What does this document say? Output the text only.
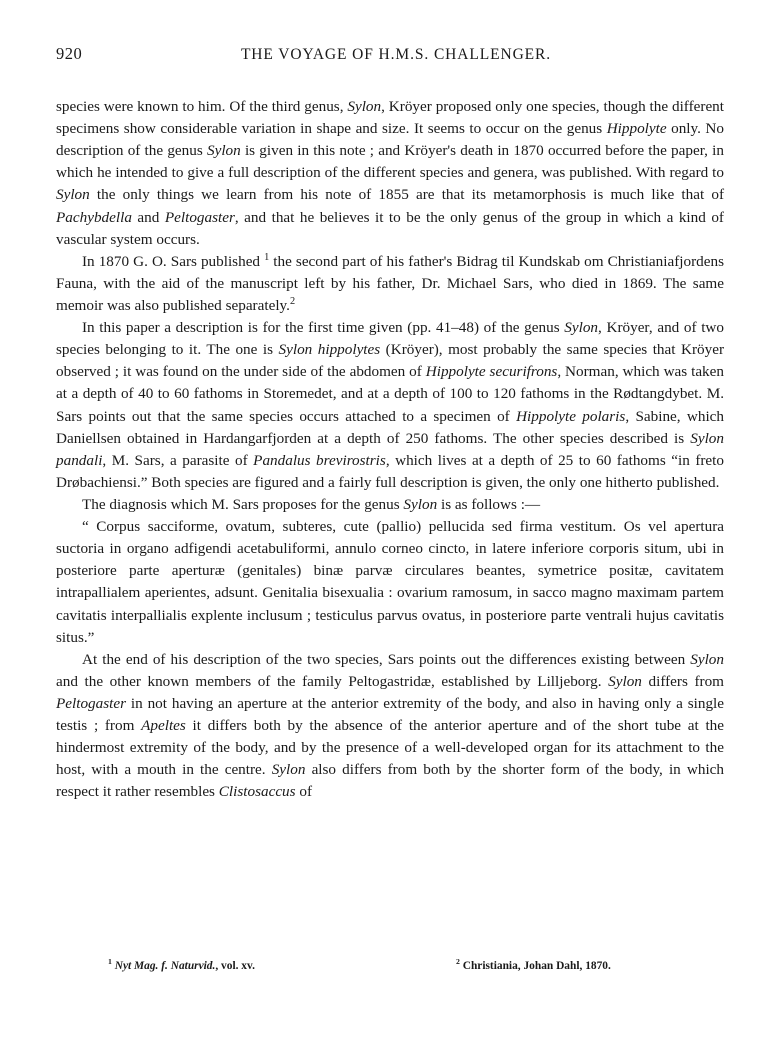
920	THE VOYAGE OF H.M.S. CHALLENGER.

species were known to him. Of the third genus, Sylon, Kröyer proposed only one species, though the different specimens show considerable variation in shape and size. It seems to occur on the genus Hippolyte only. No description of the genus Sylon is given in this note ; and Kröyer's death in 1870 occurred before the paper, in which he intended to give a full description of the different species and genera, was published. With regard to Sylon the only things we learn from his note of 1855 are that its metamorphosis is much like that of Pachybdella and Peltogaster, and that he believes it to be the only genus of the group in which a kind of vascular system occurs.

In 1870 G. O. Sars published $^1$ the second part of his father's Bidrag til Kundskab om Christianiafjordens Fauna, with the aid of the manuscript left by his father, Dr. Michael Sars, who died in 1869. The same memoir was also published separately.$^2$

In this paper a description is for the first time given (pp. 41–48) of the genus Sylon, Kröyer, and of two species belonging to it. The one is Sylon hippolytes (Kröyer), most probably the same species that Kröyer observed ; it was found on the under side of the abdomen of Hippolyte securifrons, Norman, which was taken at a depth of 40 to 60 fathoms in Storemedet, and at a depth of 100 to 120 fathoms in the Rødtangdybet. M. Sars points out that the same species occurs attached to a specimen of Hippolyte polaris, Sabine, which Daniellsen obtained in Hardangarfjorden at a depth of 250 fathoms. The other species described is Sylon pandali, M. Sars, a parasite of Pandalus brevirostris, which lives at a depth of 25 to 60 fathoms “in freto Drøbachiensi.” Both species are figured and a fairly full description is given, the only one hitherto published.

The diagnosis which M. Sars proposes for the genus Sylon is as follows :—

“ Corpus sacciforme, ovatum, subteres, cute (pallio) pellucida sed firma vestitum. Os vel apertura suctoria in organo adfigendi acetabuliformi, annulo corneo cincto, in latere inferiore corporis situm, ubi in posteriore parte aperturæ (genitales) binæ parvæ circulares beantes, symetrice positæ, cavitatem intrapallialem aperientes, adsunt. Genitalia bisexualia : ovarium ramosum, in sacco magno maximam partem cavitatis interpallialis explente inclusum ; testiculus parvus ovatus, in posteriore parte ventrali hujus cavitatis situs.”

At the end of his description of the two species, Sars points out the differences existing between Sylon and the other known members of the family Peltogastridæ, established by Lilljeborg. Sylon differs from Peltogaster in not having an aperture at the anterior extremity of the body, and also in having only a single testis ; from Apeltes it differs both by the absence of the anterior aperture and of the short tube at the hindermost extremity of the body, and by the presence of a well-developed organ for its attachment to the host, with a mouth in the centre. Sylon also differs from both by the shorter form of the body, in which respect it rather resembles Clistosaccus of

$^1$ Nyt Mag. f. Naturvid., vol. xv.	$^2$ Christiania, Johan Dahl, 1870.
